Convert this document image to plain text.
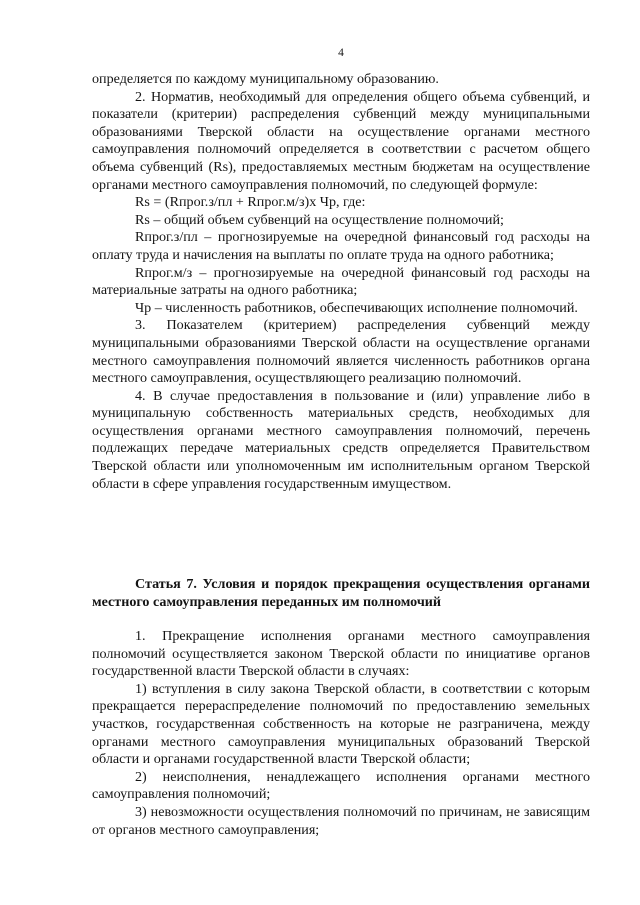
4

определяется по каждому муниципальному образованию.

2. Норматив, необходимый для определения общего объема субвенций, и показатели (критерии) распределения субвенций между муниципальными образованиями Тверской области на осуществление органами местного самоуправления полномочий определяется в соответствии с расчетом общего объема субвенций (Rs), предоставляемых местным бюджетам на осуществление органами местного самоуправления полномочий, по следующей формуле:

Rs = (Rпрог.з/пл + Rпрог.м/з)х Чр, где:

Rs – общий объем субвенций на осуществление полномочий;

Rпрог.з/пл – прогнозируемые на очередной финансовый год расходы на оплату труда и начисления на выплаты по оплате труда на одного работника;

Rпрог.м/з – прогнозируемые на очередной финансовый год расходы на материальные затраты на одного работника;

Чр – численность работников, обеспечивающих исполнение полномочий.

3. Показателем (критерием) распределения субвенций между муниципальными образованиями Тверской области на осуществление органами местного самоуправления полномочий является численность работников органа местного самоуправления, осуществляющего реализацию полномочий.

4. В случае предоставления в пользование и (или) управление либо в муниципальную собственность материальных средств, необходимых для осуществления органами местного самоуправления полномочий, перечень подлежащих передаче материальных средств определяется Правительством Тверской области или уполномоченным им исполнительным органом Тверской области в сфере управления государственным имуществом.

Статья 7. Условия и порядок прекращения осуществления органами местного самоуправления переданных им полномочий

1. Прекращение исполнения органами местного самоуправления полномочий осуществляется законом Тверской области по инициативе органов государственной власти Тверской области в случаях:

1) вступления в силу закона Тверской области, в соответствии с которым прекращается перераспределение полномочий по предоставлению земельных участков, государственная собственность на которые не разграничена, между органами местного самоуправления муниципальных образований Тверской области и органами государственной власти Тверской области;

2) неисполнения, ненадлежащего исполнения органами местного самоуправления полномочий;

3) невозможности осуществления полномочий по причинам, не зависящим от органов местного самоуправления;
